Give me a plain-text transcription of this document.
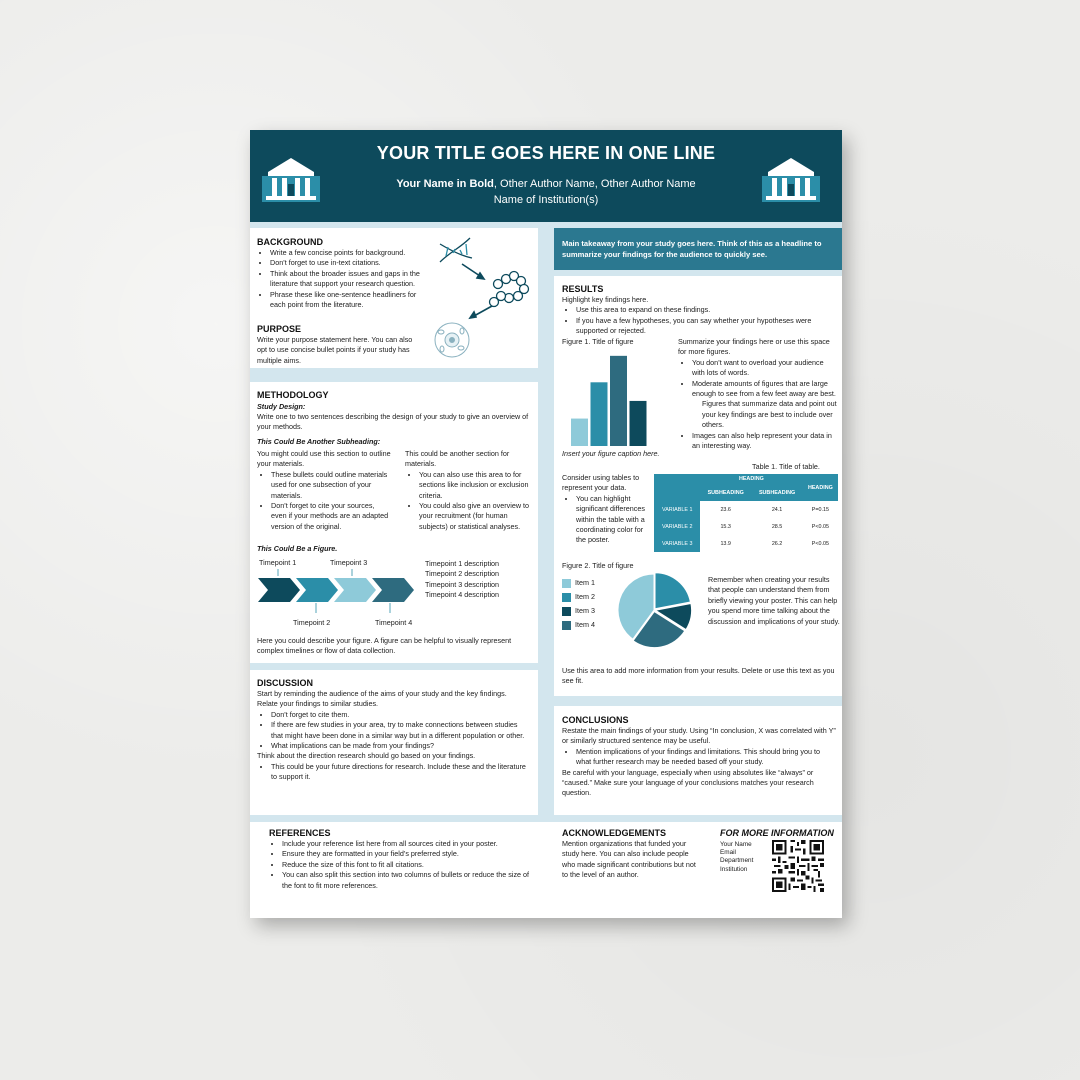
YOUR TITLE GOES HERE IN ONE LINE
Your Name in Bold, Other Author Name, Other Author Name
Name of Institution(s)
BACKGROUND
• Write a few concise points for background.
• Don’t forget to use in-text citations.
• Think about the broader issues and gaps in the literature that support your research question.
• Phrase these like one-sentence headliners for each point from the literature.
PURPOSE
Write your purpose statement here. You can also opt to use concise bullet points if your study has multiple aims.
METHODOLOGY
Study Design:
Write one to two sentences describing the design of your study to give an overview of your methods.
This Could Be Another Subheading:

You might could use this section to outline your materials.

• These bullets could outline materials used for one subsection of your materials.
• Don’t forget to cite your sources, even if your methods are an adapted version of the original.

This could be another section for materials.

• You can also use this area to for sections like inclusion or exclusion criteria.
• You could also give an overview to your recruitment (for human subjects) or statistical analyses.
This Could Be a Figure.
Timepoint 1	Timepoint 3
Timepoint 2	Timepoint 4

Timepoint 1 description

Timepoint 2 description

Timepoint 3 description

Timepoint 4 description

Here you could describe your figure. A figure can be helpful to visually represent complex timelines or flow of data collection.
DISCUSSION

Start by reminding the audience of the aims of your study and the key findings.

Relate your findings to similar studies.

• Don’t forget to cite them.
• If there are few studies in your area, try to make connections between studies that might have been done in a similar way but in a different population or other.
• What implications can be made from your findings?

Think about the direction research should go based on your findings.

• This could be your future directions for research. Include these and the literature to support it.
Main takeaway from your study goes here. Think of this as a headline to summarize your findings for the audience to quickly see.
RESULTS

Highlight key findings here.

• Use this area to expand on these findings.
• If you have a few hypotheses, you can say whether your hypotheses were supported or rejected.
Figure 1. Title of figure
Insert your figure caption here.

Summarize your findings here or use this space for more figures.

• You don’t want to overload your audience with lots of words.
• Moderate amounts of figures that are large enough to see from a few feet away are best.

Figures that summarize data and point out your key findings are best to include over others.

• Images can also help represent your data in an interesting way.
Table 1. Title of table.

Consider using tables to represent your data.

• You can highlight significant differences within the table with a coordinating color for the poster.
	HEADING		HEADING
	SUBHEADING	SUBHEADING	
VARIABLE 1	23.6	24.1	P=0.15
VARIABLE 2	15.3	28.5	P<0.05
VARIABLE 3	13.9	26.2	P<0.05
Figure 2. Title of figure
Item 1
Item 2
Item 3
Item 4
Remember when creating your results that people can understand them from briefly viewing your poster. This can help you spend more time talking about the discussion and implications of your study.
Use this area to add more information from your results. Delete or use this text as you see fit.
CONCLUSIONS

Restate the main findings of your study. Using “In conclusion, X was correlated with Y” or similarly structured sentence may be useful.

• Mention implications of your findings and limitations. This should bring you to what further research may be needed based off your study.

Be careful with your language, especially when using absolutes like “always” or “caused.” Make sure your language of your conclusions matches your research question.

REFERENCES
• Include your reference list here from all sources cited in your poster.
• Ensure they are formatted in your field’s preferred style.
• Reduce the size of this font to fit all citations.
• You can also split this section into two columns of bullets or reduce the size of the font to fit more references.
ACKNOWLEDGEMENTS
Mention organizations that funded your study here. You can also include people who made significant contributions but not to the level of an author.
FOR MORE INFORMATION
Your Name
Email
Department
Institution
